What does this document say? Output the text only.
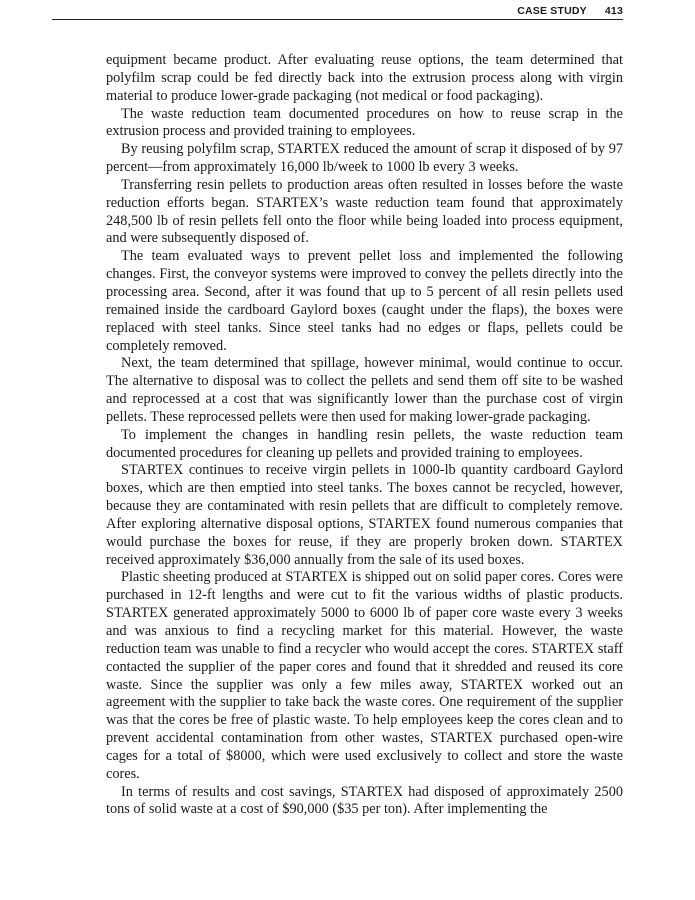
CASE STUDY 413

equipment became product. After evaluating reuse options, the team determined that polyfilm scrap could be fed directly back into the extrusion process along with virgin material to produce lower-grade packaging (not medical or food packaging).

The waste reduction team documented procedures on how to reuse scrap in the extrusion process and provided training to employees.

By reusing polyfilm scrap, STARTEX reduced the amount of scrap it disposed of by 97 percent—from approximately 16,000 lb/week to 1000 lb every 3 weeks.

Transferring resin pellets to production areas often resulted in losses before the waste reduction efforts began. STARTEX’s waste reduction team found that approximately 248,500 lb of resin pellets fell onto the floor while being loaded into process equipment, and were subsequently disposed of.

The team evaluated ways to prevent pellet loss and implemented the following changes. First, the conveyor systems were improved to convey the pellets directly into the processing area. Second, after it was found that up to 5 percent of all resin pellets used remained inside the cardboard Gaylord boxes (caught under the flaps), the boxes were replaced with steel tanks. Since steel tanks had no edges or flaps, pellets could be completely removed.

Next, the team determined that spillage, however minimal, would continue to occur. The alternative to disposal was to collect the pellets and send them off site to be washed and reprocessed at a cost that was significantly lower than the purchase cost of virgin pellets. These reprocessed pellets were then used for making lower-grade packaging.

To implement the changes in handling resin pellets, the waste reduction team documented procedures for cleaning up pellets and provided training to employees.

STARTEX continues to receive virgin pellets in 1000-lb quantity cardboard Gaylord boxes, which are then emptied into steel tanks. The boxes cannot be recycled, however, because they are contaminated with resin pellets that are difficult to completely remove. After exploring alternative disposal options, STARTEX found numerous companies that would purchase the boxes for reuse, if they are properly broken down. STARTEX received approximately $36,000 annually from the sale of its used boxes.

Plastic sheeting produced at STARTEX is shipped out on solid paper cores. Cores were purchased in 12-ft lengths and were cut to fit the various widths of plastic products. STARTEX generated approximately 5000 to 6000 lb of paper core waste every 3 weeks and was anxious to find a recycling market for this material. However, the waste reduction team was unable to find a recycler who would accept the cores. STARTEX staff contacted the supplier of the paper cores and found that it shredded and reused its core waste. Since the supplier was only a few miles away, STARTEX worked out an agreement with the supplier to take back the waste cores. One requirement of the supplier was that the cores be free of plastic waste. To help employees keep the cores clean and to prevent accidental contamination from other wastes, STARTEX purchased open-wire cages for a total of $8000, which were used exclusively to collect and store the waste cores.

In terms of results and cost savings, STARTEX had disposed of approximately 2500 tons of solid waste at a cost of $90,000 ($35 per ton). After implementing the
